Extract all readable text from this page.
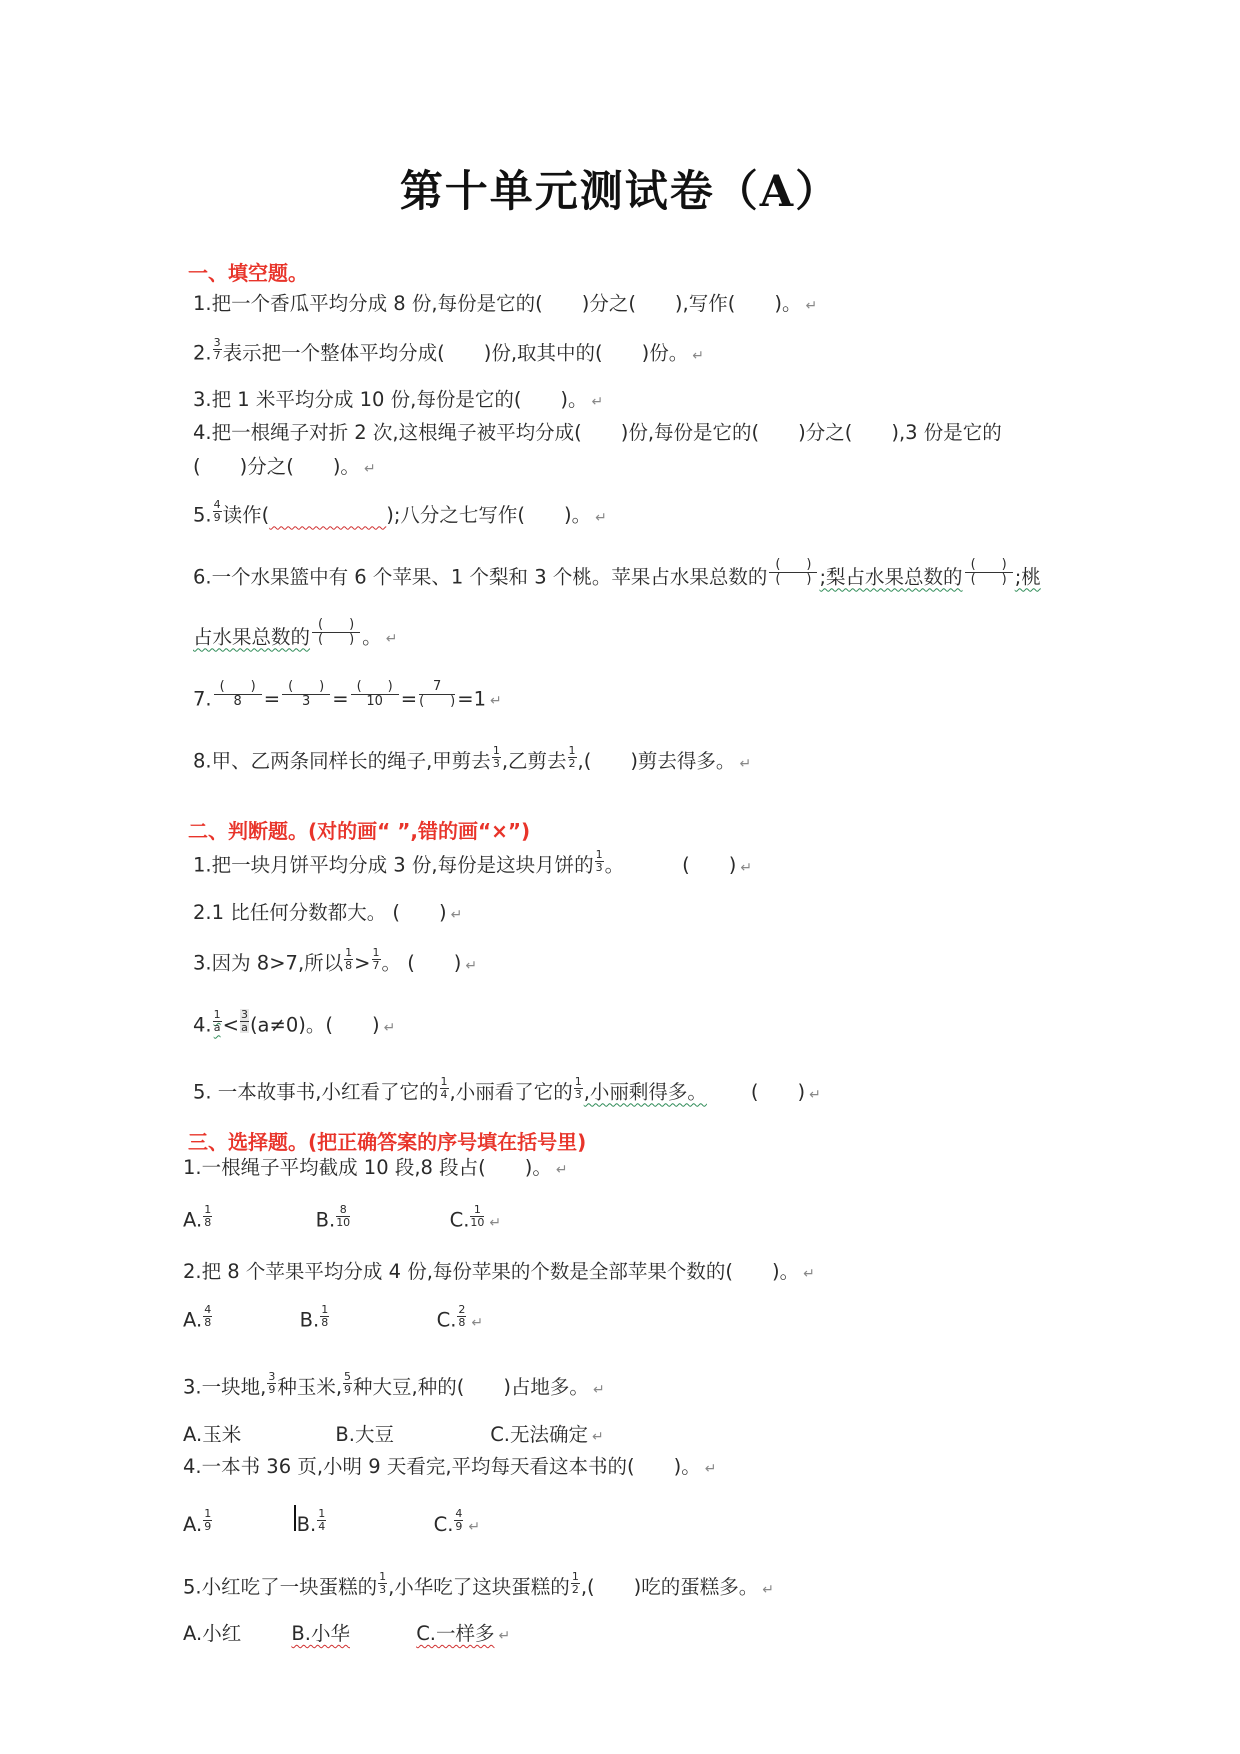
第十单元测试卷（A）
一、填空题。
1.把一个香瓜平均分成 8 份,每份是它的(　　)分之(　　),写作(　　)。 ↵
2. $\frac{3}{7}$ 表示把一个整体平均分成(　　)份,取其中的(　　)份。 ↵
3.把 1 米平均分成 10 份,每份是它的(　　)。 ↵
4.把一根绳子对折 2 次,这根绳子被平均分成(　　)份,每份是它的(　　)分之(　　),3 份是它的
(　　)分之(　　)。 ↵
5. $\frac{4}{9}$ 读作(　　　　　　	);八分之七写作(　　)。 ↵
6.一个水果篮中有 6 个苹果、1 个梨和 3 个桃。苹果占水果总数的
(　　)
(　　) ;梨占水果总数的
(　　)
(　　) ;桃
占水果总数的
(　　)
(　　) 。 ↵
7.
(　　)
8	=
(　　)
3	=
(　　)
10 =
7
(　　) =1 ↵
8.甲、乙两条同样长的绳子,甲剪去 $\frac{1}{3}$ ,乙剪去 $\frac{1}{2}$ ,(　　)剪去得多。 ↵
二、判断题。(对的画“ ”,错的画“×”)
1.把一块月饼平均分成 3 份,每份是这块月饼的 $\frac{1}{3}$ 。	(　　) ↵
2.1 比任何分数都大。 (　　) ↵
3.因为 8>7,所以 $\frac{1}{8} > \frac{1}{7}$ 。 (　　) ↵
4. $\frac{1}{a} < \frac{3}{a} (a\ne 0)$。(　　) ↵
5. 一本故事书,小红看了它的 $\frac{1}{4}$ ,小丽看了它的 $\frac{1}{3}$ ,小丽剩得多。 (　　) ↵
三、选择题。(把正确答案的序号填在括号里)
1.一根绳子平均截成 10 段,8 段占(　　)。 ↵
A. $\frac{1}{8}$	B. $\frac{8}{10}$	C. $\frac{1}{10}$ ↵
2.把 8 个苹果平均分成 4 份,每份苹果的个数是全部苹果个数的(　　)。 ↵
A. $\frac{4}{8}$	B. $\frac{1}{8}$	C. $\frac{2}{8}$ ↵
3.一块地, $\frac{3}{9}$ 种玉米, $\frac{5}{9}$ 种大豆,种的(　　)占地多。 ↵
A.玉米	B.大豆	C.无法确定 ↵
4.一本书 36 页,小明 9 天看完,平均每天看这本书的(　　)。 ↵
A. $\frac{1}{9}$	B. $\frac{1}{4}$	C. $\frac{4}{9}$ ↵
5.小红吃了一块蛋糕的 $\frac{1}{3}$ ,小华吃了这块蛋糕的 $\frac{1}{2}$ ,(　　)吃的蛋糕多。 ↵
A.小红	B.小华	C.一样多 ↵
